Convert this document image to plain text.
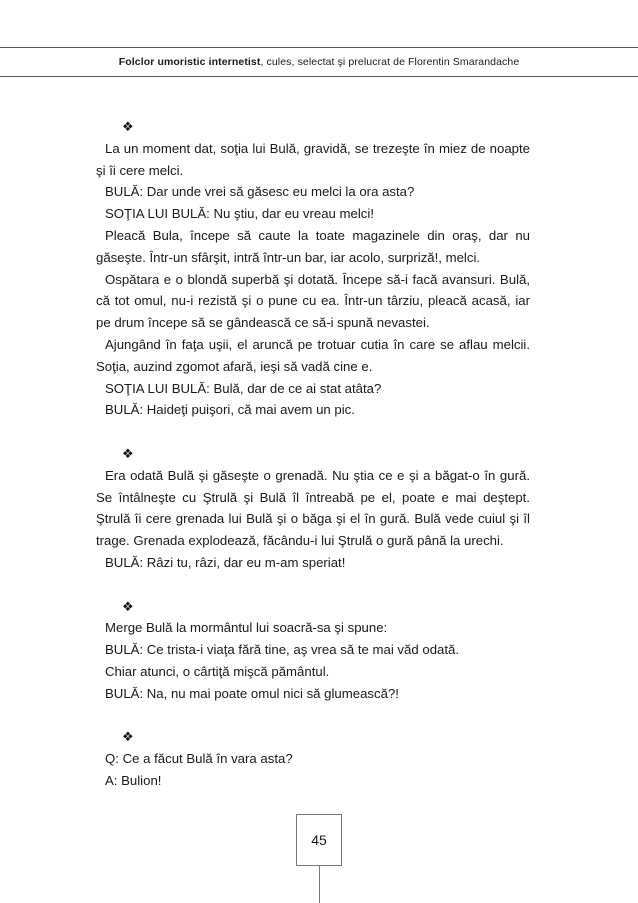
Folclor umoristic internetist, cules, selectat şi prelucrat de Florentin Smarandache
❖

La un moment dat, soţia lui Bulă, gravidă, se trezeşte în miez de noapte şi îi cere melci.

BULĂ: Dar unde vrei să găsesc eu melci la ora asta?

SOŢIA LUI BULĂ: Nu ştiu, dar eu vreau melci!

Pleacă Bula, începe să caute la toate magazinele din oraş, dar nu găseşte. Într-un sfârşit, intră într-un bar, iar acolo, surpriză!, melci.

Ospătara e o blondă superbă şi dotată. Începe să-i facă avansuri. Bulă, că tot omul, nu-i rezistă şi o pune cu ea. Într-un târziu, pleacă acasă, iar pe drum începe să se gândească ce să-i spună nevastei.

Ajungând în faţa uşii, el aruncă pe trotuar cutia în care se aflau melcii. Soţia, auzind zgomot afară, ieşi să vadă cine e.

SOŢIA LUI BULĂ: Bulă, dar de ce ai stat atâta?

BULĂ: Haideţi puişori, că mai avem un pic.

❖

Era odată Bulă şi găseşte o grenadă. Nu ştia ce e şi a băgat-o în gură. Se întâlneşte cu Ştrulă şi Bulă îl întreabă pe el, poate e mai deştept. Ştrulă îi cere grenada lui Bulă şi o băga şi el în gură. Bulă vede cuiul şi îl trage. Grenada explodează, făcându-i lui Ştrulă o gură până la urechi.

BULĂ: Râzi tu, râzi, dar eu m-am speriat!

❖

Merge Bulă la mormântul lui soacră-sa şi spune:

BULĂ: Ce trista-i viaţa fără tine, aş vrea să te mai văd odată.

Chiar atunci, o cârtiţă mişcă pământul.

BULĂ: Na, nu mai poate omul nici să glumească?!

❖

Q: Ce a făcut Bulă în vara asta?

A: Bulion!

45
